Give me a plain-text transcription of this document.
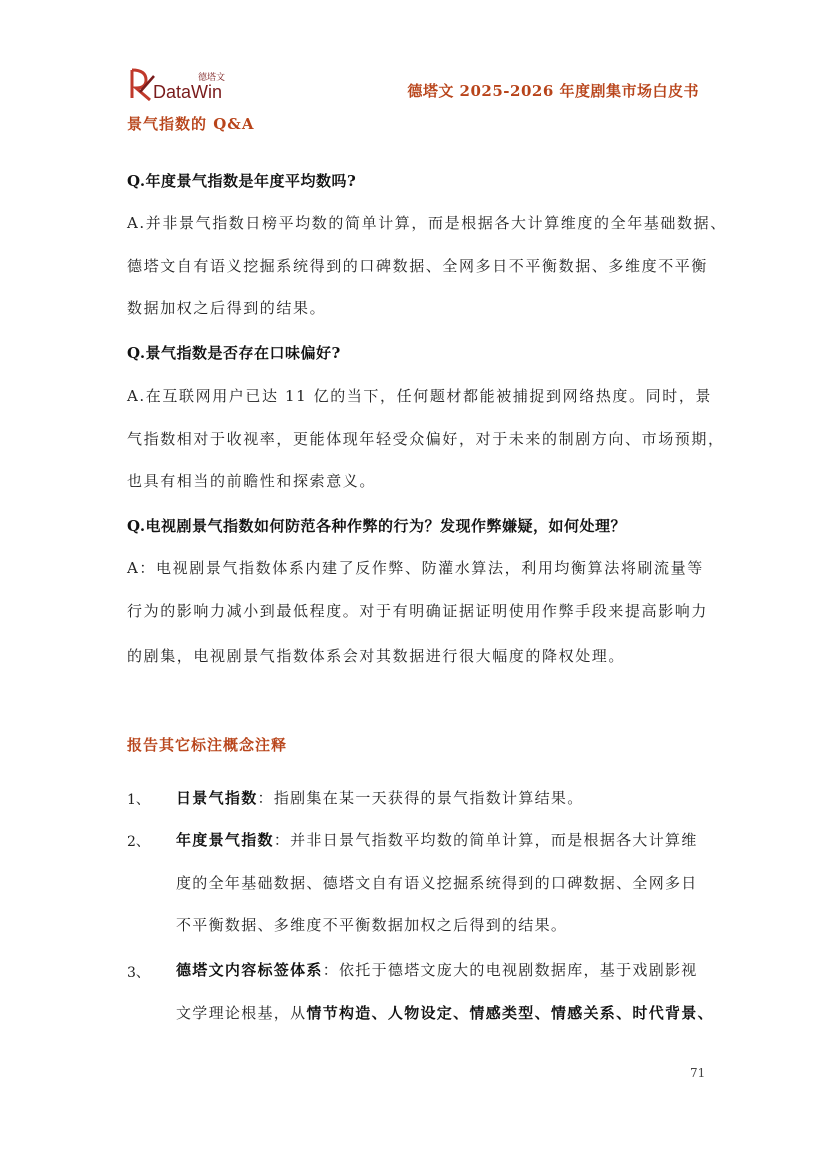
德塔文
DataWin	德塔文 2025-2026 年度剧集市场白皮书
景气指数的 Q&A
Q.年度景气指数是年度平均数吗?
A.并非景气指数日榜平均数的简单计算，而是根据各大计算维度的全年基础数据、
德塔文自有语义挖掘系统得到的口碑数据、全网多日不平衡数据、多维度不平衡
数据加权之后得到的结果。
Q.景气指数是否存在口味偏好?
A.在互联网用户已达 11 亿的当下，任何题材都能被捕捉到网络热度。同时，景
气指数相对于收视率，更能体现年轻受众偏好，对于未来的制剧方向、市场预期，
也具有相当的前瞻性和探索意义。
Q.电视剧景气指数如何防范各种作弊的行为？发现作弊嫌疑，如何处理？
A：电视剧景气指数体系内建了反作弊、防灌水算法，利用均衡算法将刷流量等
行为的影响力减小到最低程度。对于有明确证据证明使用作弊手段来提高影响力
的剧集，电视剧景气指数体系会对其数据进行很大幅度的降权处理。
报告其它标注概念注释
1、 日景气指数：指剧集在某一天获得的景气指数计算结果。
2、 年度景气指数：并非日景气指数平均数的简单计算，而是根据各大计算维
度的全年基础数据、德塔文自有语义挖掘系统得到的口碑数据、全网多日
不平衡数据、多维度不平衡数据加权之后得到的结果。
3、 德塔文内容标签体系：依托于德塔文庞大的电视剧数据库，基于戏剧影视
文学理论根基，从情节构造、人物设定、情感类型、情感关系、时代背景、
71
